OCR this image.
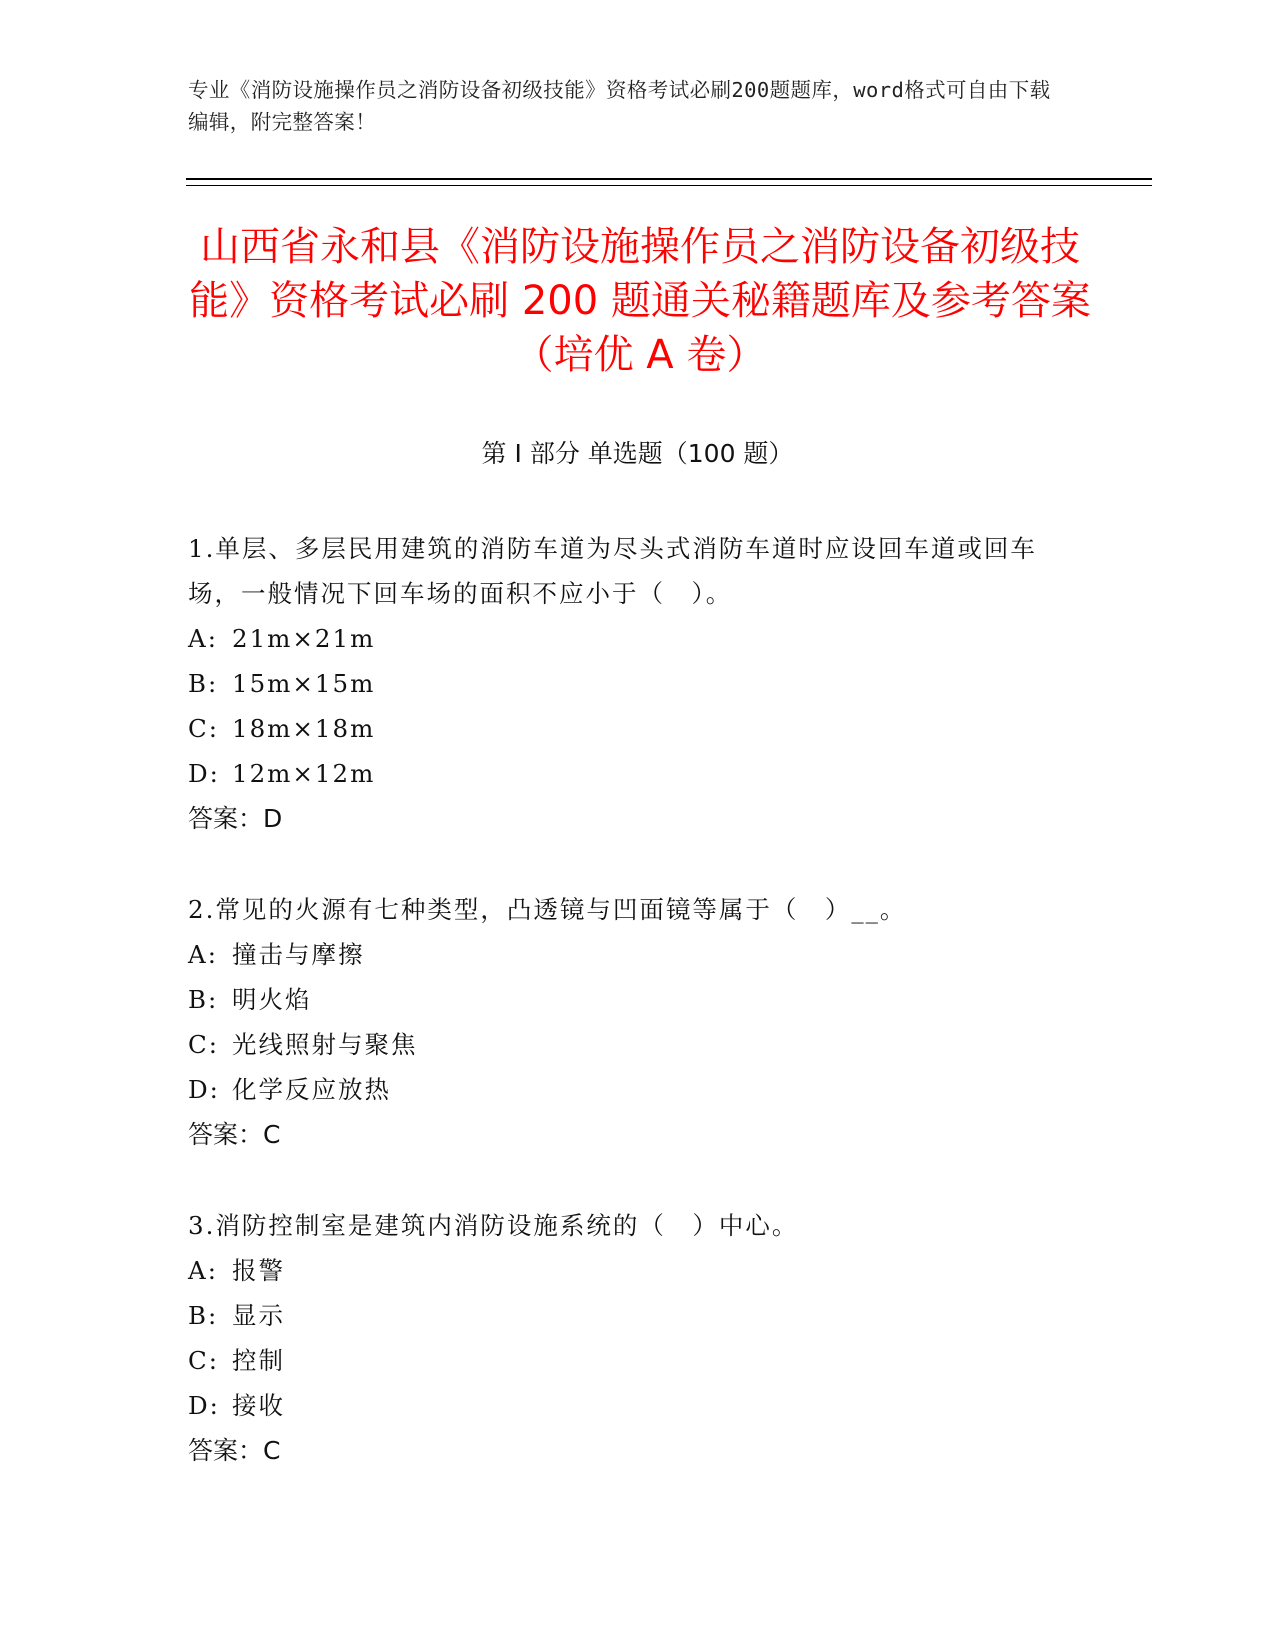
专业《消防设施操作员之消防设备初级技能》资格考试必刷200题题库，word格式可自由下载编辑，附完整答案！
山西省永和县《消防设施操作员之消防设备初级技能》资格考试必刷 200 题通关秘籍题库及参考答案（培优 A 卷）
第 I 部分 单选题（100 题）
1.单层、多层民用建筑的消防车道为尽头式消防车道时应设回车道或回车场，一般情况下回车场的面积不应小于（　）。
A: 21m×21m
B: 15m×15m
C: 18m×18m
D: 12m×12m
答案：D
2.常见的火源有七种类型，凸透镜与凹面镜等属于（　）__。
A: 撞击与摩擦
B: 明火焰
C: 光线照射与聚焦
D: 化学反应放热
答案：C
3.消防控制室是建筑内消防设施系统的（　）中心。
A: 报警
B: 显示
C: 控制
D: 接收
答案：C
